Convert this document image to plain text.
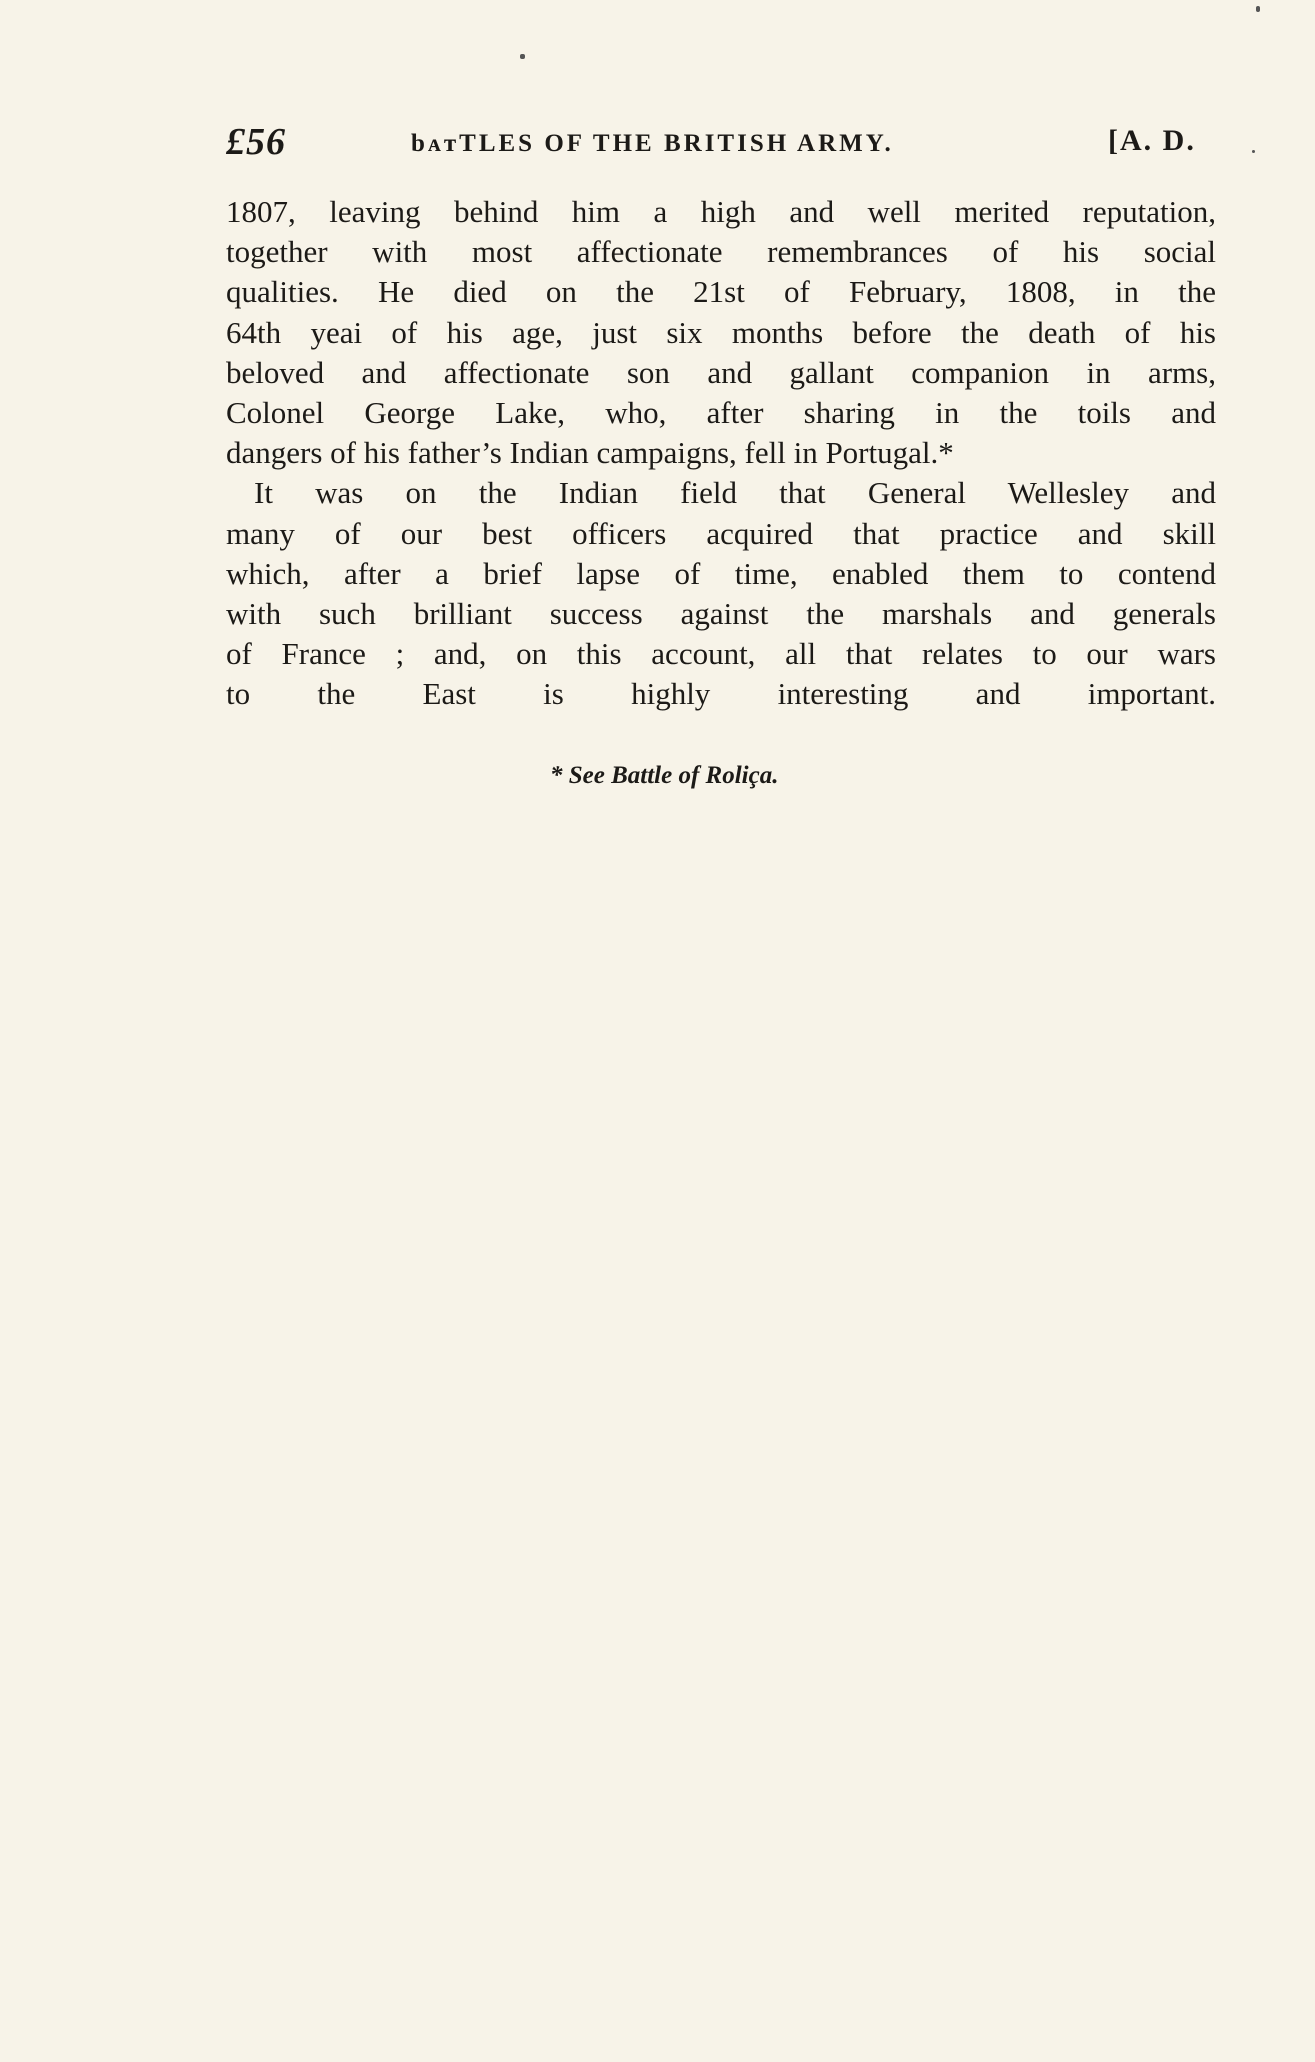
£56	bᴀᴛTLES OF THE BRITISH ARMY.	[A. D.
1807, leaving behind him a high and well merited reputation,
together with most affectionate remembrances of his social
qualities. He died on the 21st of February, 1808, in the
64th yeai of his age, just six months before the death of his
beloved and affectionate son and gallant companion in arms,
Colonel George Lake, who, after sharing in the toils and
dangers of his father’s Indian campaigns, fell in Portugal.*
It was on the Indian field that General Wellesley and
many of our best officers acquired that practice and skill
which, after a brief lapse of time, enabled them to contend
with such brilliant success against the marshals and generals
of France ; and, on this account, all that relates to our wars
to the East is highly interesting and important.
* See Battle of Roliça.
